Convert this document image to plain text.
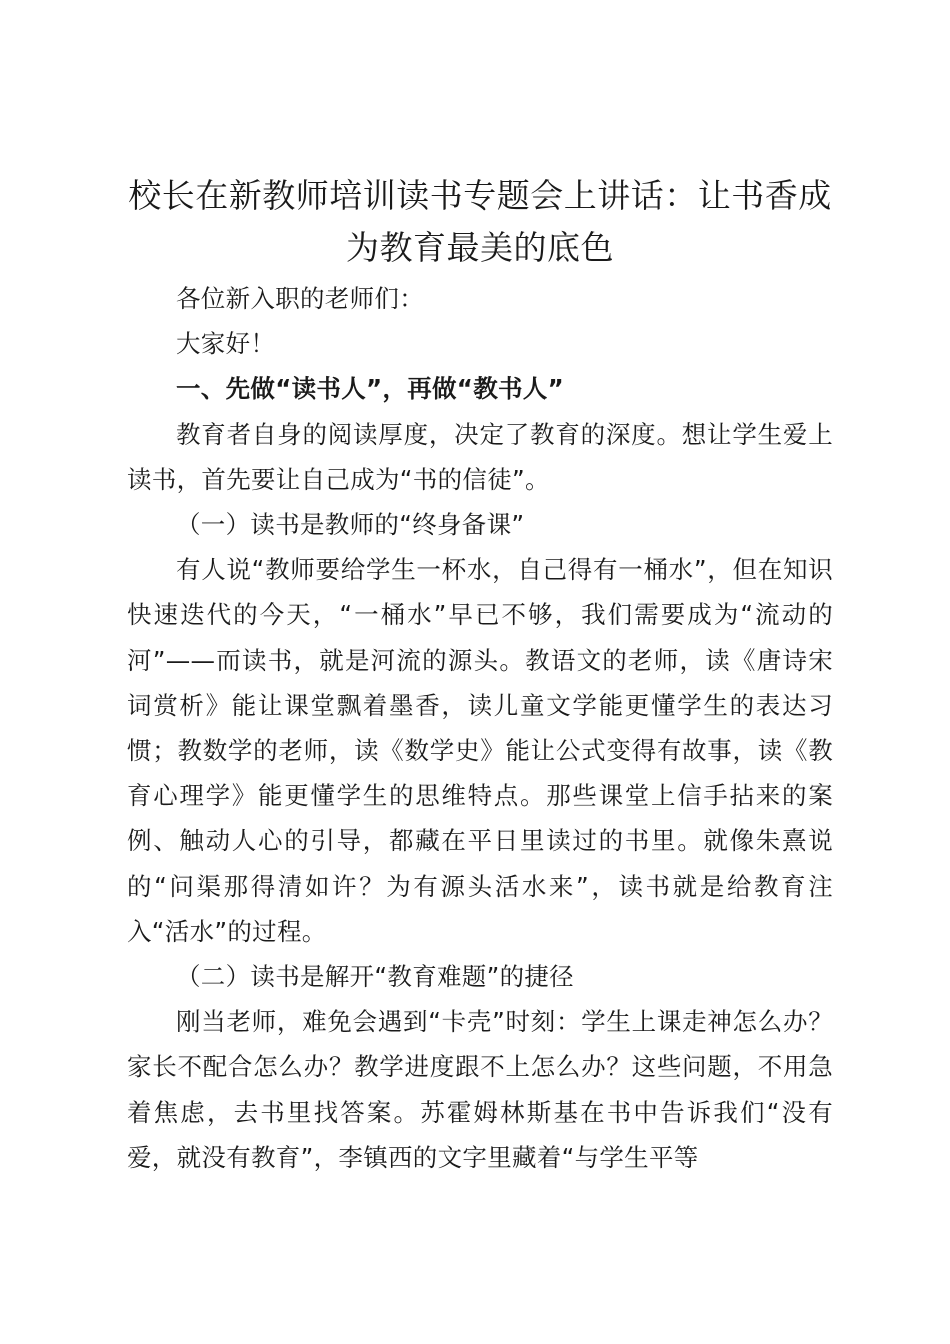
校长在新教师培训读书专题会上讲话：让书香成为教育最美的底色

各位新入职的老师们：

大家好！

一、先做“读书人”，再做“教书人”

教育者自身的阅读厚度，决定了教育的深度。想让学生爱上读书，首先要让自己成为“书的信徒”。

（一）读书是教师的“终身备课”

有人说“教师要给学生一杯水，自己得有一桶水”，但在知识快速迭代的今天，“一桶水”早已不够，我们需要成为“流动的河”——而读书，就是河流的源头。教语文的老师，读《唐诗宋词赏析》能让课堂飘着墨香，读儿童文学能更懂学生的表达习惯；教数学的老师，读《数学史》能让公式变得有故事，读《教育心理学》能更懂学生的思维特点。那些课堂上信手拈来的案例、触动人心的引导，都藏在平日里读过的书里。就像朱熹说的“问渠那得清如许？为有源头活水来”，读书就是给教育注入“活水”的过程。

（二）读书是解开“教育难题”的捷径

刚当老师，难免会遇到“卡壳”时刻：学生上课走神怎么办？家长不配合怎么办？教学进度跟不上怎么办？这些问题，不用急着焦虑，去书里找答案。苏霍姆林斯基在书中告诉我们“没有爱，就没有教育”，李镇西的文字里藏着“与学生平等
